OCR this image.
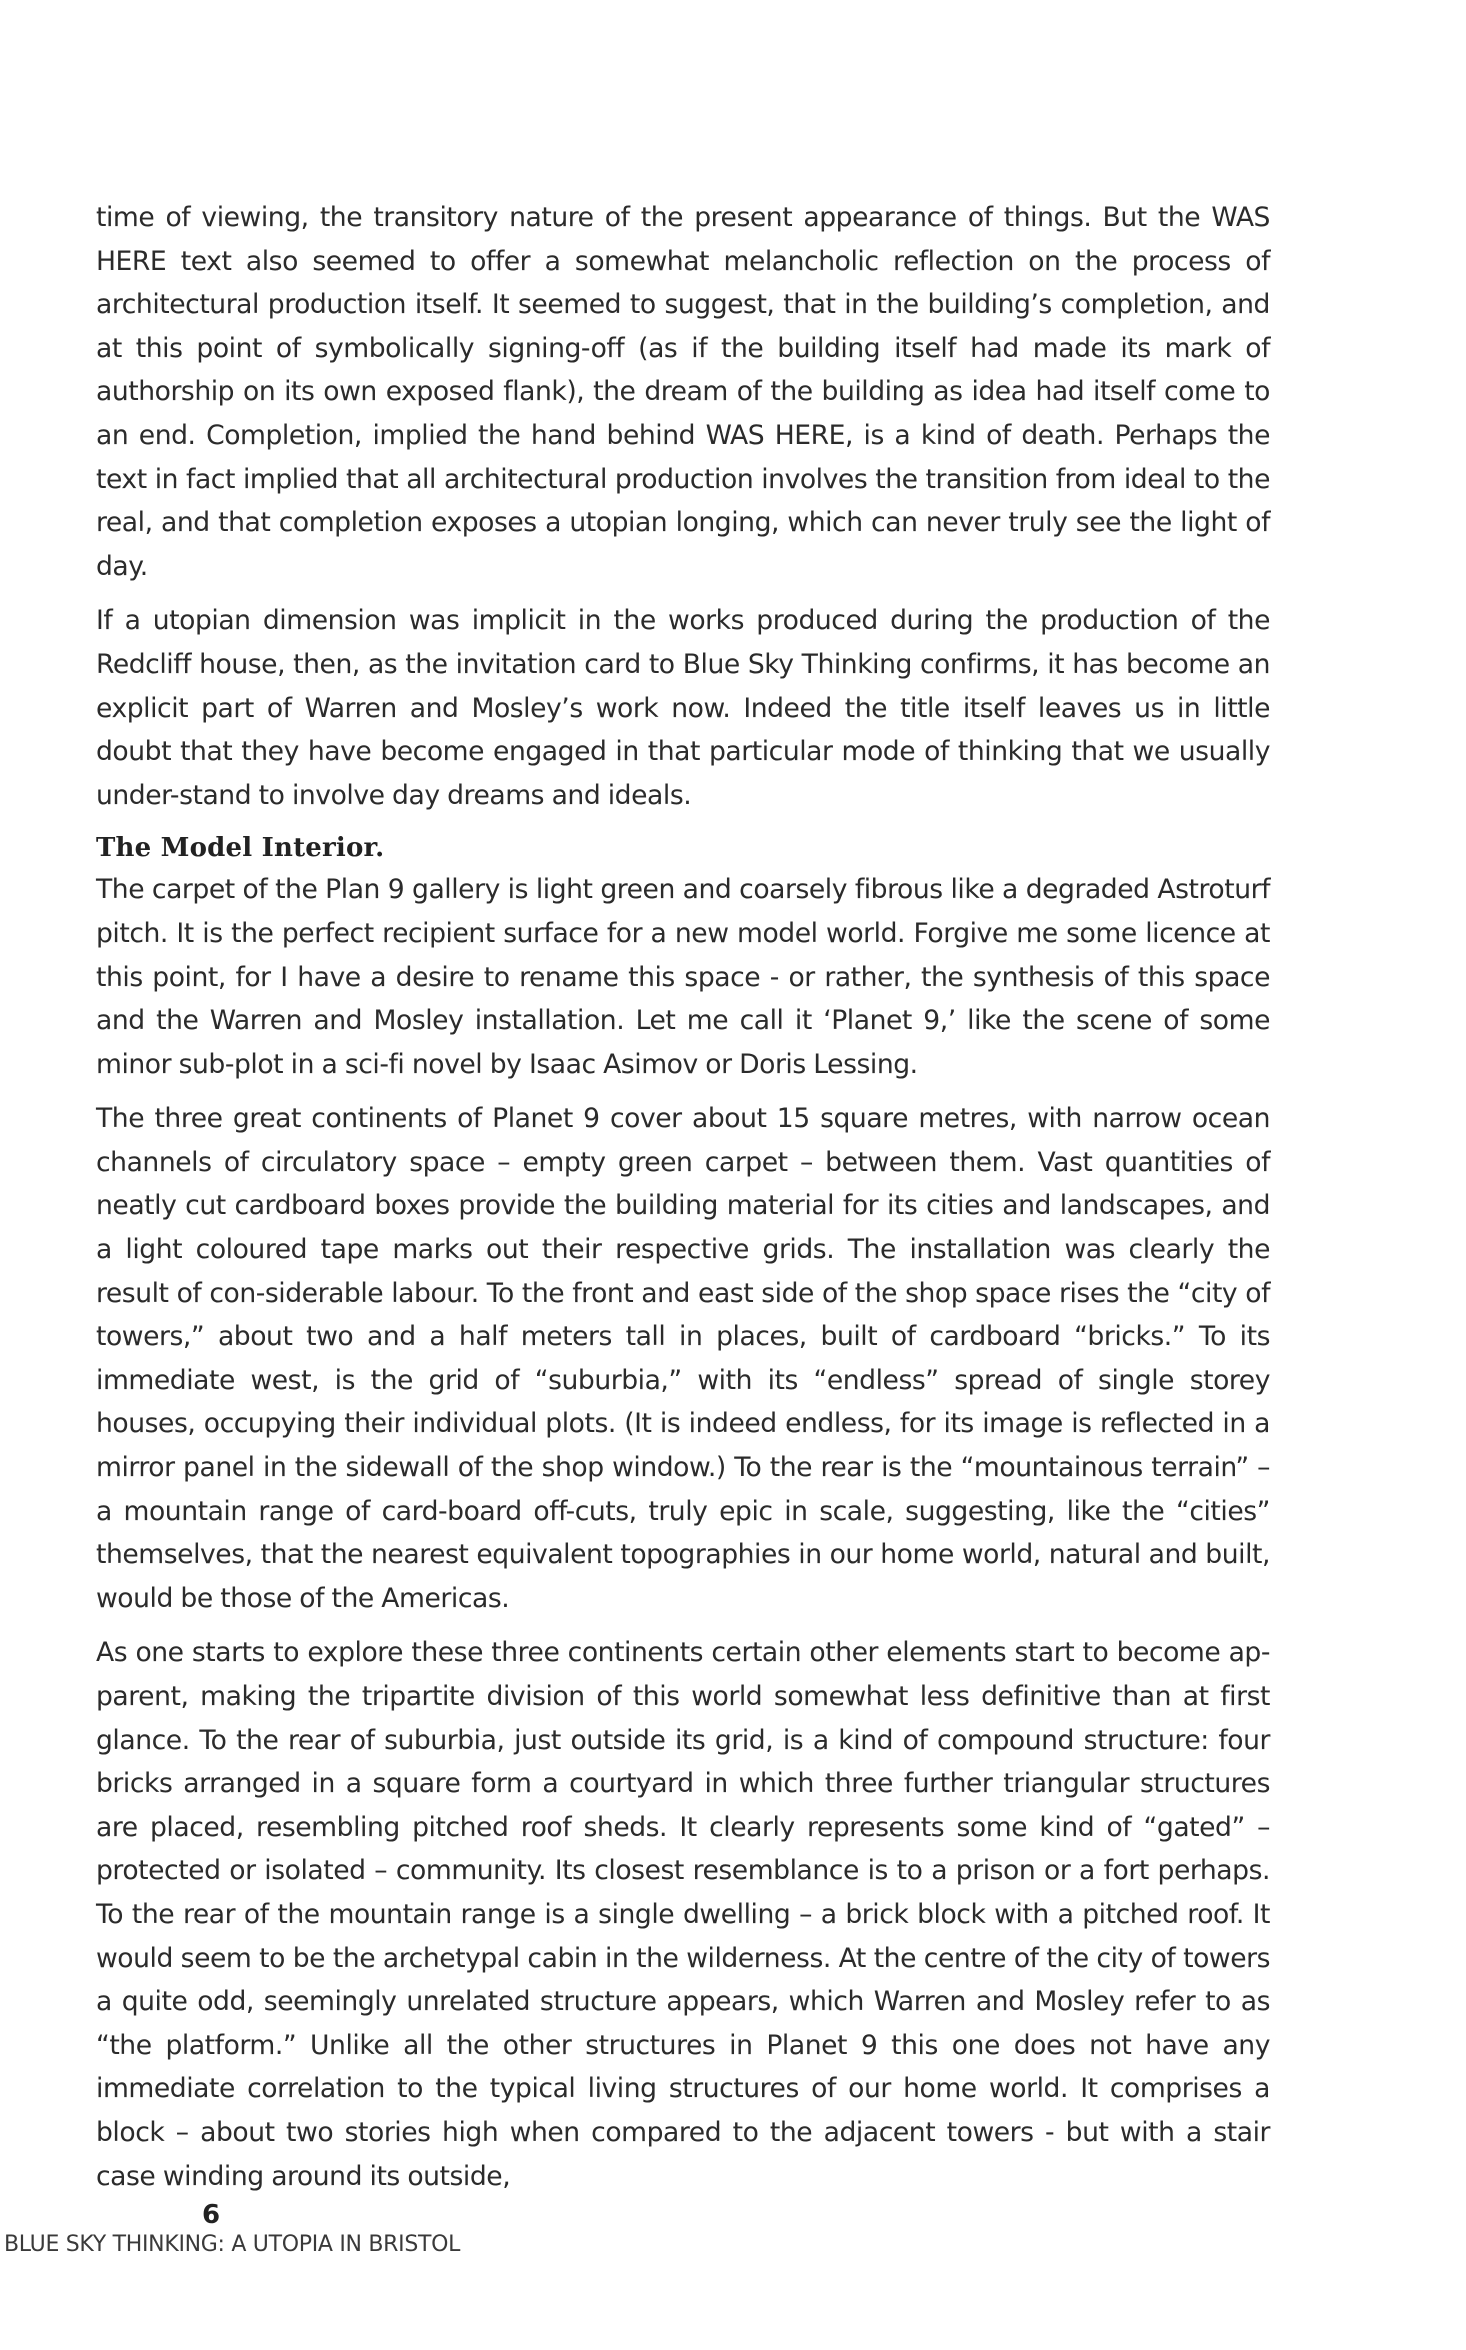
time of viewing, the transitory nature of the present appearance of things. But the WAS HERE text also seemed to offer a somewhat melancholic reflection on the process of architectural production itself. It seemed to suggest, that in the building’s completion, and at this point of symbolically signing-off (as if the building itself had made its mark of authorship on its own exposed flank), the dream of the building as idea had itself come to an end. Completion, implied the hand behind WAS HERE, is a kind of death. Perhaps the text in fact implied that all architectural production involves the transition from ideal to the real, and that completion exposes a utopian longing, which can never truly see the light of day.

If a utopian dimension was implicit in the works produced during the production of the Redcliff house, then, as the invitation card to Blue Sky Thinking confirms, it has become an explicit part of Warren and Mosley’s work now. Indeed the title itself leaves us in little doubt that they have become engaged in that particular mode of thinking that we usually under-stand to involve day dreams and ideals.

The Model Interior.

The carpet of the Plan 9 gallery is light green and coarsely fibrous like a degraded Astroturf pitch. It is the perfect recipient surface for a new model world. Forgive me some licence at this point, for I have a desire to rename this space - or rather, the synthesis of this space and the Warren and Mosley installation. Let me call it ‘Planet 9,’ like the scene of some minor sub-plot in a sci-fi novel by Isaac Asimov or Doris Lessing.

The three great continents of Planet 9 cover about 15 square metres, with narrow ocean channels of circulatory space – empty green carpet – between them. Vast quantities of neatly cut cardboard boxes provide the building material for its cities and landscapes, and a light coloured tape marks out their respective grids. The installation was clearly the result of con-siderable labour. To the front and east side of the shop space rises the “city of towers,” about two and a half meters tall in places, built of cardboard “bricks.” To its immediate west, is the grid of “suburbia,” with its “endless” spread of single storey houses, occupying their individual plots. (It is indeed endless, for its image is reflected in a mirror panel in the sidewall of the shop window.) To the rear is the “mountainous terrain” – a mountain range of card-board off-cuts, truly epic in scale, suggesting, like the “cities” themselves, that the nearest equivalent topographies in our home world, natural and built, would be those of the Americas.

As one starts to explore these three continents certain other elements start to become ap-parent, making the tripartite division of this world somewhat less definitive than at first glance. To the rear of suburbia, just outside its grid, is a kind of compound structure: four bricks arranged in a square form a courtyard in which three further triangular structures are placed, resembling pitched roof sheds. It clearly represents some kind of “gated” – protected or isolated – community. Its closest resemblance is to a prison or a fort perhaps. To the rear of the mountain range is a single dwelling – a brick block with a pitched roof. It would seem to be the archetypal cabin in the wilderness. At the centre of the city of towers a quite odd, seemingly unrelated structure appears, which Warren and Mosley refer to as “the platform.” Unlike all the other structures in Planet 9 this one does not have any immediate correlation to the typical living structures of our home world. It comprises a block – about two stories high when compared to the adjacent towers - but with a stair case winding around its outside,

6
BLUE SKY THINKING: A UTOPIA IN BRISTOL
